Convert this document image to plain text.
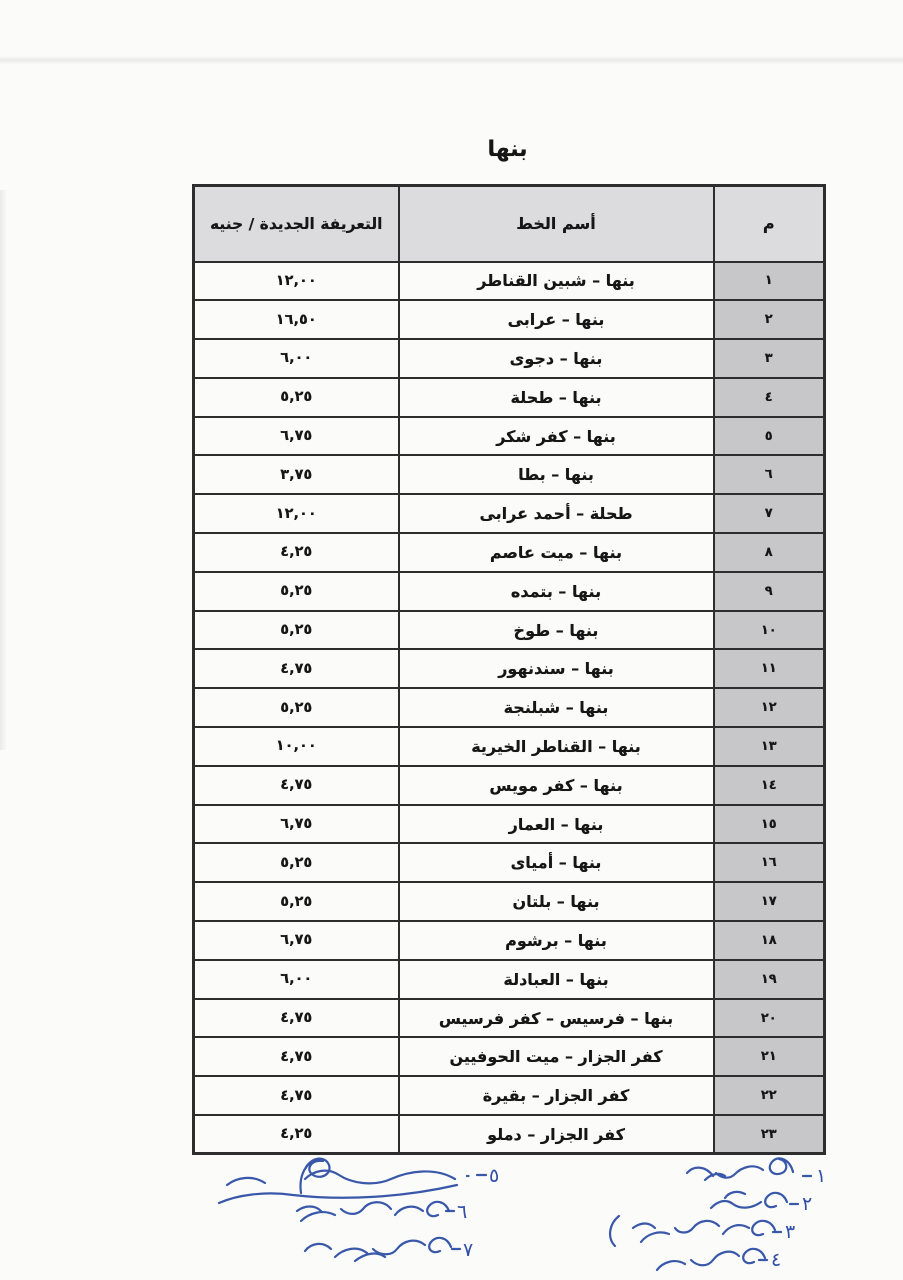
بنها
م	أسم الخط	التعريفة الجديدة / جنيه
١	بنها – شبين القناطر	١٢,٠٠
٢	بنها – عرابى	١٦,٥٠
٣	بنها – دجوى	٦,٠٠
٤	بنها – طحلة	٥,٢٥
٥	بنها – كفر شكر	٦,٧٥
٦	بنها – بطا	٣,٧٥
٧	طحلة – أحمد عرابى	١٢,٠٠
٨	بنها – ميت عاصم	٤,٢٥
٩	بنها – بتمده	٥,٢٥
١٠	بنها – طوخ	٥,٢٥
١١	بنها – سندنهور	٤,٧٥
١٢	بنها – شبلنجة	٥,٢٥
١٣	بنها – القناطر الخيرية	١٠,٠٠
١٤	بنها – كفر مويس	٤,٧٥
١٥	بنها – العمار	٦,٧٥
١٦	بنها – أمياى	٥,٢٥
١٧	بنها – بلتان	٥,٢٥
١٨	بنها – برشوم	٦,٧٥
١٩	بنها – العبادلة	٦,٠٠
٢٠	بنها – فرسيس – كفر فرسيس	٤,٧٥
٢١	كفر الجزار – ميت الحوفيين	٤,٧٥
٢٢	كفر الجزار – بقيرة	٤,٧٥
٢٣	كفر الجزار – دملو	٤,٢٥
١
٢
٣
٤
٥
٦
٧
